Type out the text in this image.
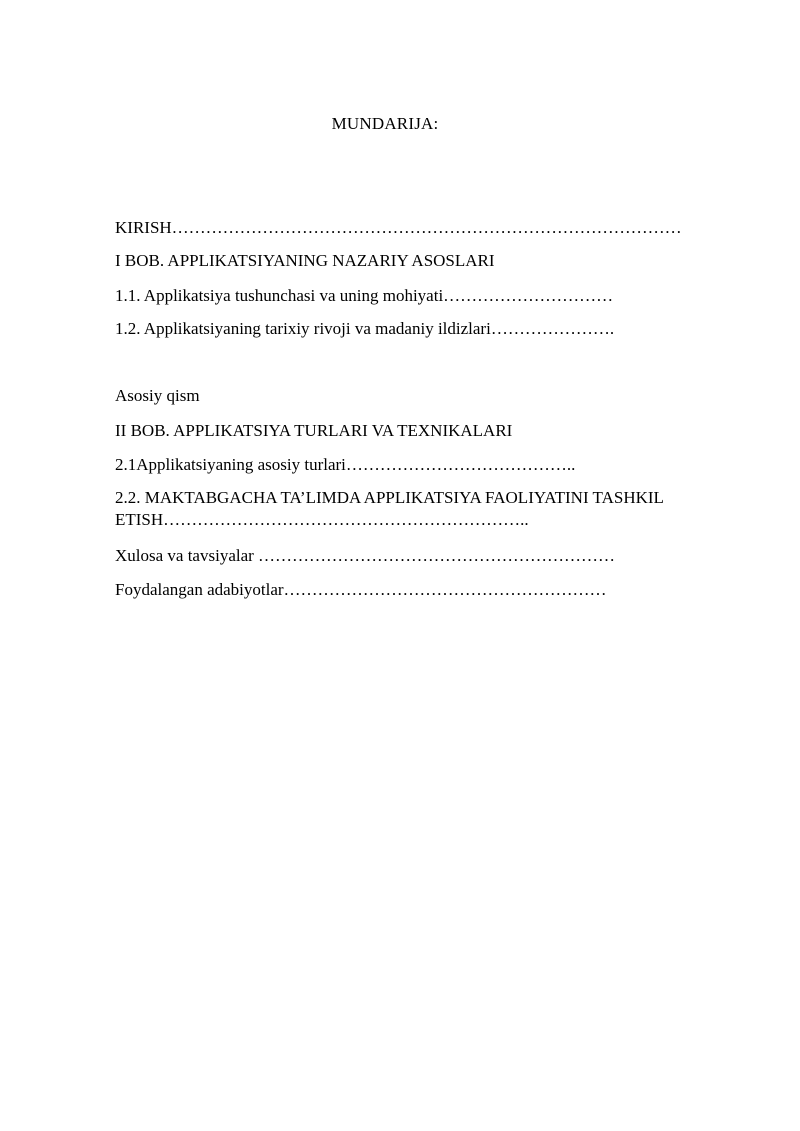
MUNDARIJA:
KIRISH………………………………………………………………………………
I BOB. APPLIKATSIYANING NAZARIY ASOSLARI
1.1. Applikatsiya tushunchasi va uning mohiyati…………………………
1.2. Applikatsiyaning tarixiy rivoji va madaniy ildizlari………………….
Asosiy qism
II BOB. APPLIKATSIYA TURLARI VA TEXNIKALARI
2.1Applikatsiyaning asosiy turlari…………………………………..
2.2. MAKTABGACHA TA’LIMDA APPLIKATSIYA FAOLIYATINI TASHKIL ETISH………………………………………………………..
Xulosa va tavsiyalar ………………………………………………………
Foydalangan adabiyotlar…………………………………………………
